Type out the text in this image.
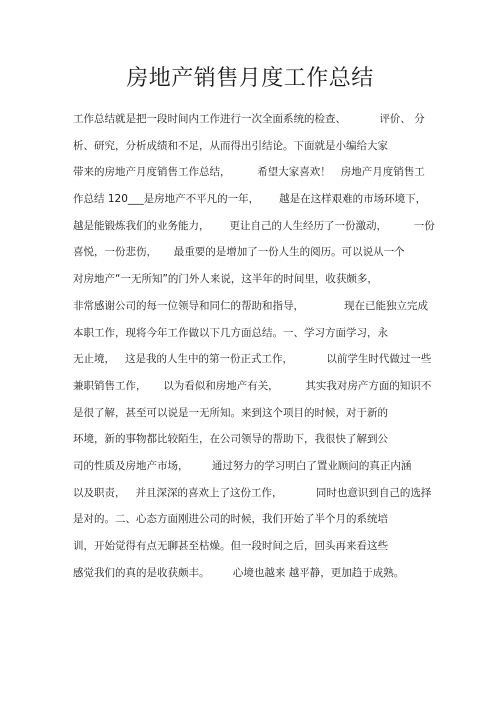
房地产销售月度工作总结
工作总结就是把一段时间内工作进行一次全面系统的检查、          评价、 分
析、研究，分析成绩和不足，从而得出引结论。下面就是小编给大家
带来的房地产月度销售工作总结，        希望大家喜欢！   房地产月度销售工
作总结 120___是房地产不平凡的一年，      越是在这样艰难的市场环境下，
越是能锻炼我们的业务能力，      更让自己的人生经历了一份激动，        一份
喜悦，一份悲伤，     最重要的是增加了一份人生的阅历。可以说从一个
对房地产“一无所知”的门外人来说，这半年的时间里，收获颇多，
非常感谢公司的每一位领导和同仁的帮助和指导，            现在已能独立完成
本职工作，现将今年工作做以下几方面总结。一、学习方面学习，永
无止境，   这是我的人生中的第一份正式工作，          以前学生时代做过一些
兼职销售工作，     以为看似和房地产有关，        其实我对房产方面的知识不
是很了解，甚至可以说是一无所知。来到这个项目的时候，对于新的
环境，新的事物都比较陌生，在公司领导的帮助下，我很快了解到公
司的性质及房地产市场，       通过努力的学习明白了置业顾问的真正内涵
以及职责，   并且深深的喜欢上了这份工作，          同时也意识到自己的选择
是对的。二、心态方面刚进公司的时候，我们开始了半个月的系统培
训，开始觉得有点无聊甚至枯燥。但一段时间之后，回头再来看这些
感觉我们的真的是收获颇丰。       心境也越来 越平静，更加趋于成熟。
